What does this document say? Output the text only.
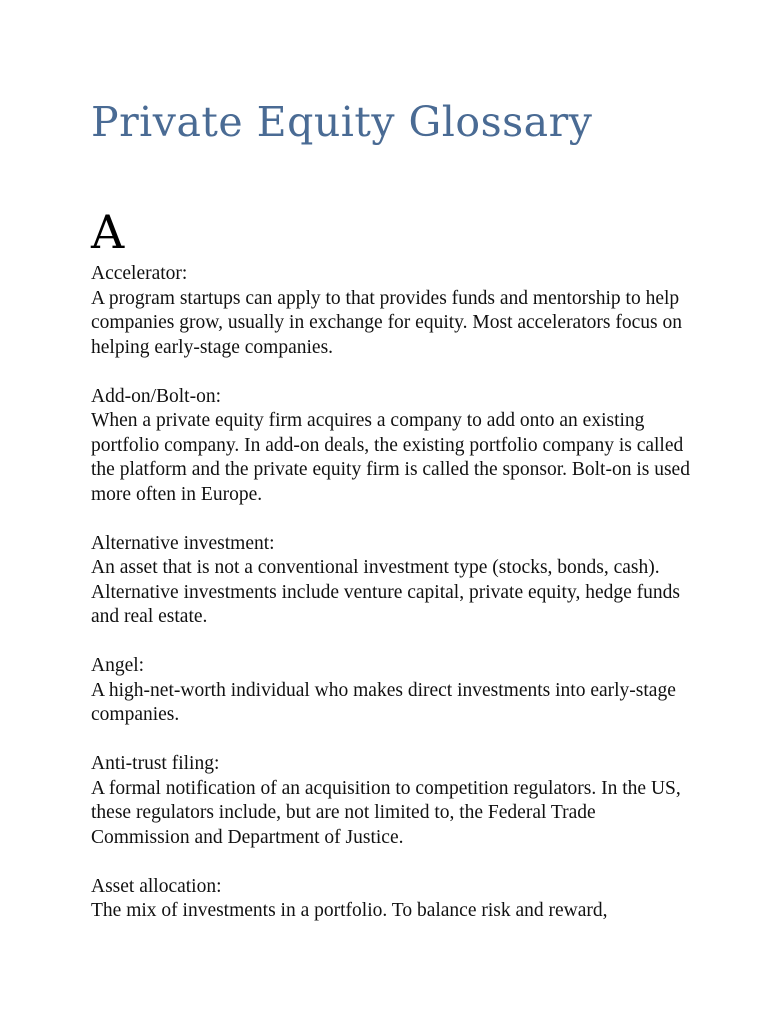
Private Equity Glossary
A

Accelerator:
A program startups can apply to that provides funds and mentorship to help companies grow, usually in exchange for equity. Most accelerators focus on helping early-stage companies.

Add-on/Bolt-on:
When a private equity firm acquires a company to add onto an existing portfolio company. In add-on deals, the existing portfolio company is called the platform and the private equity firm is called the sponsor. Bolt-on is used more often in Europe.

Alternative investment:
An asset that is not a conventional investment type (stocks, bonds, cash). Alternative investments include venture capital, private equity, hedge funds and real estate.

Angel:
A high-net-worth individual who makes direct investments into early-stage companies.

Anti-trust filing:
A formal notification of an acquisition to competition regulators. In the US, these regulators include, but are not limited to, the Federal Trade Commission and Department of Justice.

Asset allocation:
The mix of investments in a portfolio. To balance risk and reward,
